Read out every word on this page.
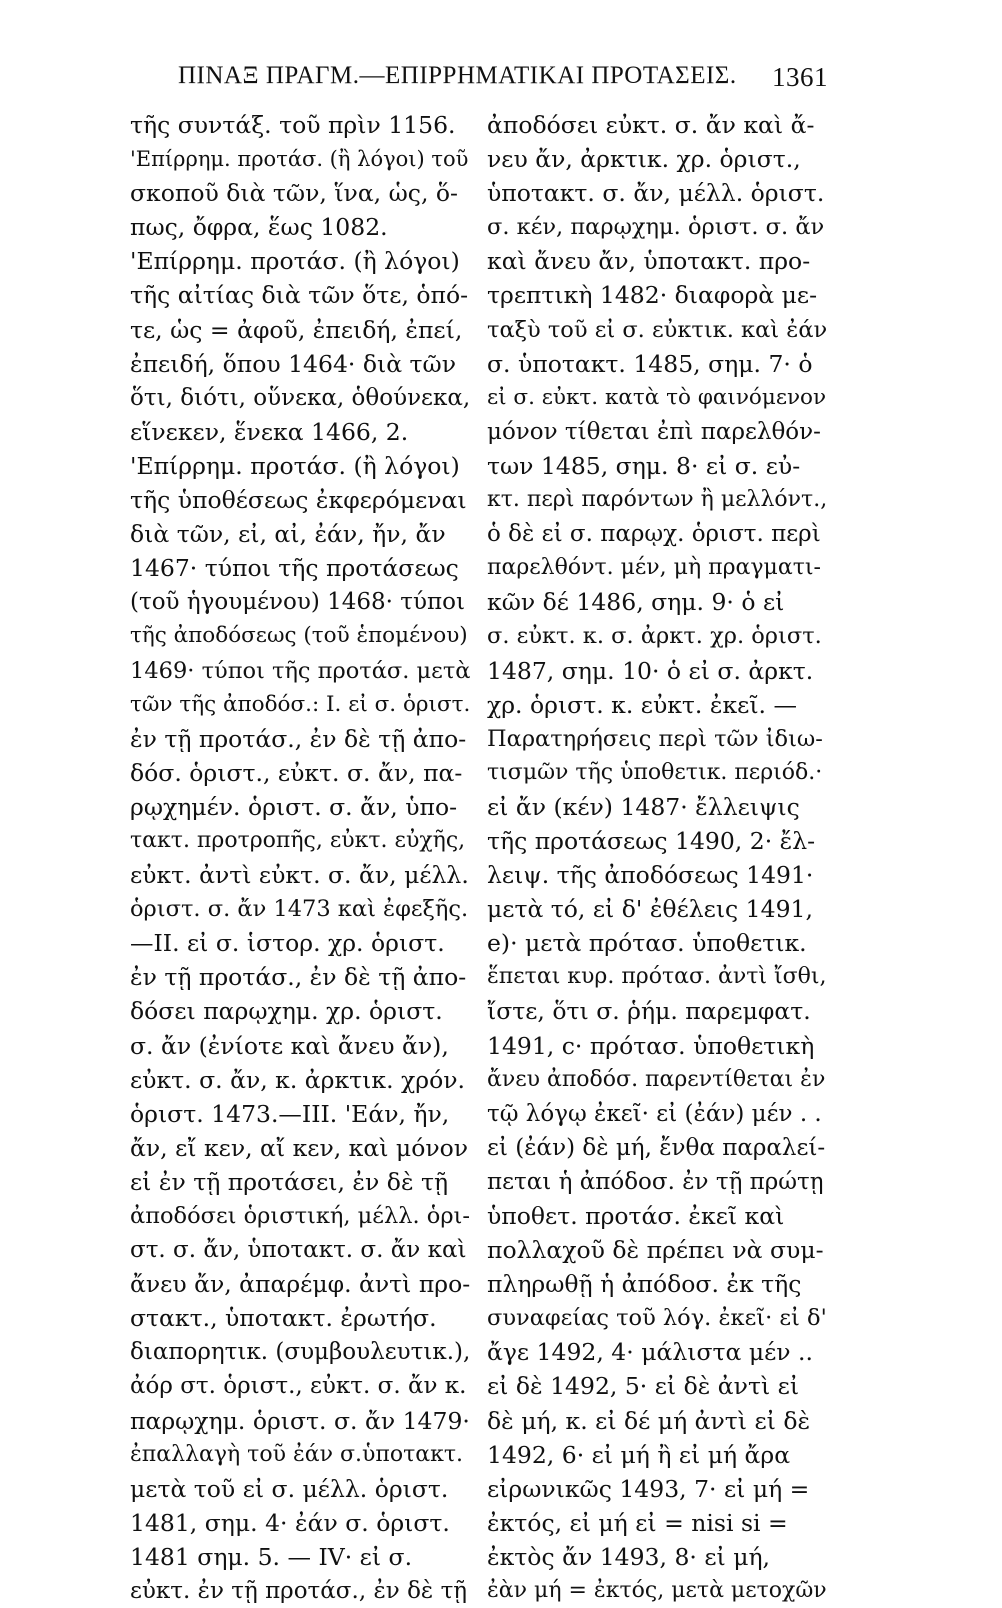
ΠΙΝΑΞ ΠΡΑΓΜ.—ΕΠΙΡΡΗΜΑΤΙΚΑΙ ΠΡΟΤΑΣΕΙΣ. 1361
τῆς συντάξ. τοῦ πρὶν 1156.
'Επίρρημ. προτάσ. (ἢ λόγοι) τοῦ
σκοποῦ διὰ τῶν, ἵνα, ὡς, ὅ-
πως, ὄφρα, ἕως 1082.
'Επίρρημ. προτάσ. (ἢ λόγοι)
τῆς αἰτίας διὰ τῶν ὅτε, ὁπό-
τε, ὡς = ἀφοῦ, ἐπειδή, ἐπεί,
ἐπειδή, ὅπου 1464· διὰ τῶν
ὅτι, διότι, οὕνεκα, ὁθούνεκα,
εἵνεκεν, ἕνεκα 1466, 2.
'Επίρρημ. προτάσ. (ἢ λόγοι)
τῆς ὑποθέσεως ἐκφερόμεναι
διὰ τῶν, εἰ, αἰ, ἐάν, ἤν, ἄν
1467· τύποι τῆς προτάσεως
(τοῦ ἡγουμένου) 1468· τύποι
τῆς ἀποδόσεως (τοῦ ἑπομένου)
1469· τύποι τῆς προτάσ. μετὰ
τῶν τῆς ἀποδόσ.: I. εἰ σ. ὁριστ.
ἐν τῇ προτάσ., ἐν δὲ τῇ ἀπο-
δόσ. ὁριστ., εὐκτ. σ. ἄν, πα-
ρῳχημέν. ὁριστ. σ. ἄν, ὑπο-
τακτ. προτροπῆς, εὐκτ. εὐχῆς,
εὐκτ. ἀντὶ εὐκτ. σ. ἄν, μέλλ.
ὁριστ. σ. ἄν 1473 καὶ ἐφεξῆς.
—II. εἰ σ. ἱστορ. χρ. ὁριστ.
ἐν τῇ προτάσ., ἐν δὲ τῇ ἀπο-
δόσει παρῳχημ. χρ. ὁριστ.
σ. ἄν (ἐνίοτε καὶ ἄνευ ἄν),
εὐκτ. σ. ἄν, κ. ἀρκτικ. χρόν.
ὁριστ. 1473.—III. 'Εάν, ἤν,
ἄν, εἴ κεν, αἴ κεν, καὶ μόνον
εἰ ἐν τῇ προτάσει, ἐν δὲ τῇ
ἀποδόσει ὁριστική, μέλλ. ὁρι-
στ. σ. ἄν, ὑποτακτ. σ. ἄν καὶ
ἄνευ ἄν, ἀπαρέμφ. ἀντὶ προ-
στακτ., ὑποτακτ. ἐρωτήσ.
διαπορητικ. (συμβουλευτικ.),
ἀόρ στ. ὁριστ., εὐκτ. σ. ἄν κ.
παρῳχημ. ὁριστ. σ. ἄν 1479·
ἐπαλλαγὴ τοῦ ἐάν σ.ὑποτακτ.
μετὰ τοῦ εἰ σ. μέλλ. ὁριστ.
1481, σημ. 4· ἐάν σ. ὁριστ.
1481 σημ. 5. — IV· εἰ σ.
εὐκτ. ἐν τῇ προτάσ., ἐν δὲ τῇ
ἀποδόσει εὐκτ. σ. ἄν καὶ ἄ-
νευ ἄν, ἀρκτικ. χρ. ὁριστ.,
ὑποτακτ. σ. ἄν, μέλλ. ὁριστ.
σ. κέν, παρῳχημ. ὁριστ. σ. ἄν
καὶ ἄνευ ἄν, ὑποτακτ. προ-
τρεπτικὴ 1482· διαφορὰ με-
ταξὺ τοῦ εἰ σ. εὐκτικ. καὶ ἐάν
σ. ὑποτακτ. 1485, σημ. 7· ὁ
εἰ σ. εὐκτ. κατὰ τὸ φαινόμενον
μόνον τίθεται ἐπὶ παρελθόν-
των 1485, σημ. 8· εἰ σ. εὐ-
κτ. περὶ παρόντων ἢ μελλόντ.,
ὁ δὲ εἰ σ. παρῳχ. ὁριστ. περὶ
παρελθόντ. μέν, μὴ πραγματι-
κῶν δέ 1486, σημ. 9· ὁ εἰ
σ. εὐκτ. κ. σ. ἀρκτ. χρ. ὁριστ.
1487, σημ. 10· ὁ εἰ σ. ἀρκτ.
χρ. ὁριστ. κ. εὐκτ. ἐκεῖ. —
Παρατηρήσεις περὶ τῶν ἰδιω-
τισμῶν τῆς ὑποθετικ. περιόδ.·
εἰ ἄν (κέν) 1487· ἔλλειψις
τῆς προτάσεως 1490, 2· ἔλ-
λειψ. τῆς ἀποδόσεως 1491·
μετὰ τό, εἰ δ' ἐθέλεις 1491,
e)· μετὰ πρότασ. ὑποθετικ.
ἕπεται κυρ. πρότασ. ἀντὶ ἴσθι,
ἴστε, ὅτι σ. ῥήμ. παρεμφατ.
1491, c· πρότασ. ὑποθετικὴ
ἄνευ ἀποδόσ. παρεντίθεται ἐν
τῷ λόγῳ ἐκεῖ· εἰ (ἐάν) μέν . .
εἰ (ἐάν) δὲ μή, ἔνθα παραλεί-
πεται ἡ ἀπόδοσ. ἐν τῇ πρώτῃ
ὑποθετ. προτάσ. ἐκεῖ καὶ
πολλαχοῦ δὲ πρέπει νὰ συμ-
πληρωθῇ ἡ ἀπόδοσ. ἐκ τῆς
συναφείας τοῦ λόγ. ἐκεῖ· εἰ δ'
ἄγε 1492, 4· μάλιστα μέν ..
εἰ δὲ 1492, 5· εἰ δὲ ἀντὶ εἰ
δὲ μή, κ. εἰ δέ μή ἀντὶ εἰ δὲ
1492, 6· εἰ μή ἢ εἰ μή ἄρα
εἰρωνικῶς 1493, 7· εἰ μή =
ἐκτός, εἰ μή εἰ = nisi si =
ἐκτὸς ἄν 1493, 8· εἰ μή,
ἐὰν μή = ἐκτός, μετὰ μετοχῶν
